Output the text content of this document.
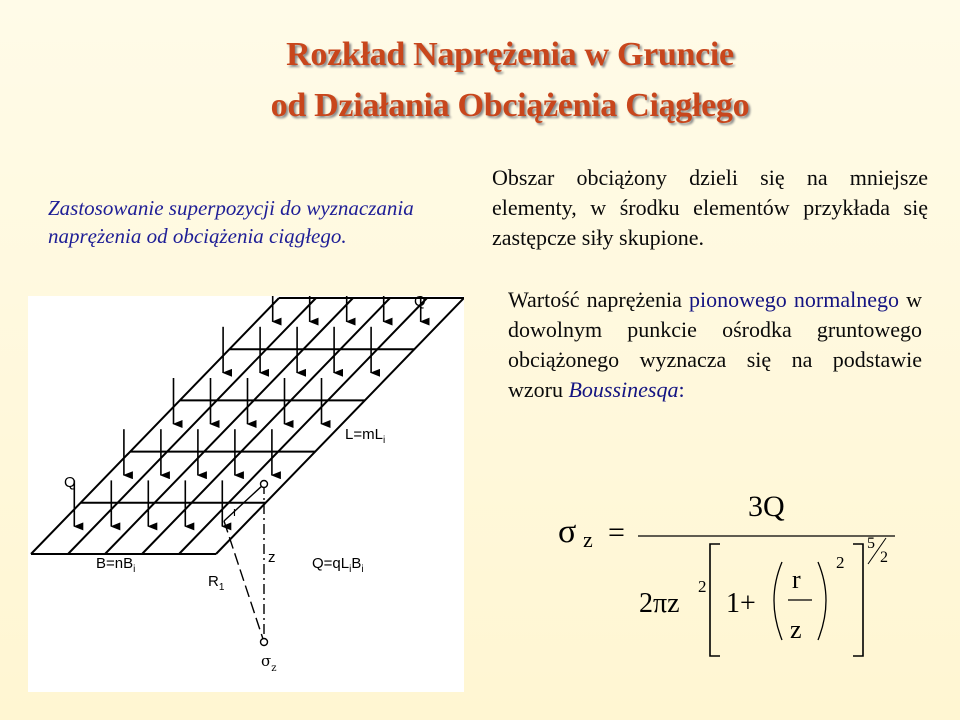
Rozkład Naprężenia w Gruncie
od Działania Obciążenia Ciągłego
Zastosowanie superpozycji do wyznaczania naprężenia od obciążenia ciągłego.
Obszar obciążony dzieli się na mniejsze elementy, w środku elementów przykłada się zastępcze siły skupione.
Wartość naprężenia pionowego normalnego w dowolnym punkcie ośrodka gruntowego obciążonego wyznacza się na podstawie wzoru Boussinesqa:
Q
$L=mL_i$
Q
r
$B=nB_i$
$R_1$
z $Q=qL_iB_i$
$\sigma_z$
σ z =
3Q
2πz
2
1+
r
z
2
5
2
